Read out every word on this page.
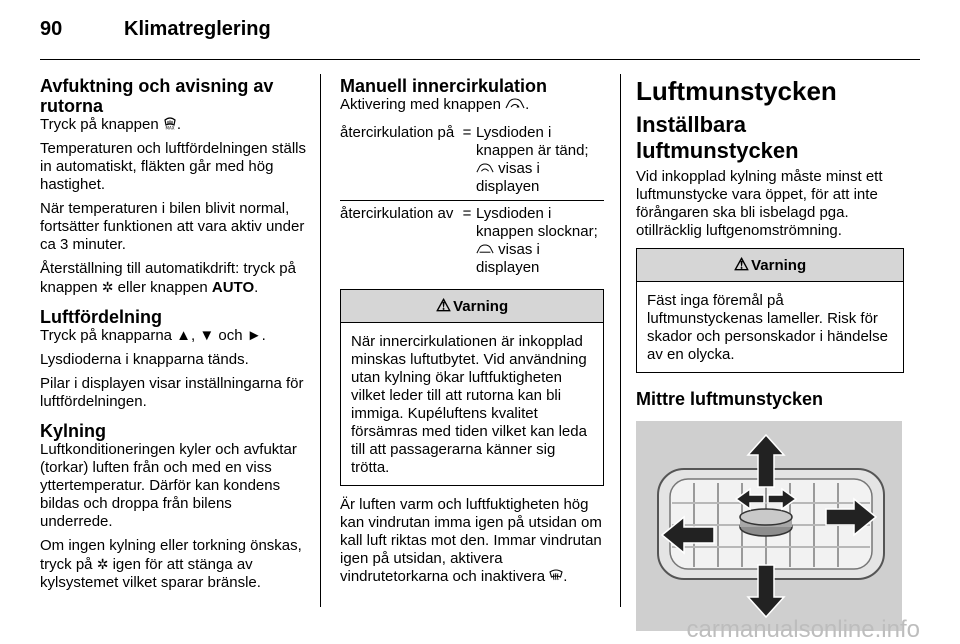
90	Klimatreglering
Avfuktning och avisning av rutorna

Tryck på knappen MAX .

Temperaturen och luftfördelningen ställs in automatiskt, fläkten går med hög hastighet.

När temperaturen i bilen blivit normal, fortsätter funktionen att vara aktiv under ca 3 minuter.

Återställning till automatikdrift: tryck på knappen ✲ eller knappen AUTO.

Luftfördelning

Tryck på knapparna ▲, ▼ och ►.

Lysdioderna i knapparna tänds.

Pilar i displayen visar inställningarna för luftfördelningen.

Kylning

Luftkonditioneringen kyler och avfuktar (torkar) luften från och med en viss yttertemperatur. Därför kan kondens bildas och droppa från bilens underrede.

Om ingen kylning eller torkning önskas, tryck på ✲ igen för att stänga av kylsystemet vilket sparar bränsle.

Manuell innercirkulation

Aktivering med knappen .

återcirkulation på	=	Lysdioden i knappen är tänd;  visas i displayen
återcirkulation av	=	Lysdioden i knappen slocknar;  visas i displayen
⚠ Varning
När innercirkulationen är inkopplad minskas luftutbytet. Vid användning utan kylning ökar luftfuktigheten vilket leder till att rutorna kan bli immiga. Kupéluftens kvalitet försämras med tiden vilket kan leda till att passagerarna känner sig trötta.

Är luften varm och luftfuktigheten hög kan vindrutan imma igen på utsidan om kall luft riktas mot den. Immar vindrutan igen på utsidan, aktivera vindrutetorkarna och inaktivera .

Luftmunstycken
Inställbara luftmunstycken

Vid inkopplad kylning måste minst ett luftmunstycke vara öppet, för att inte förångaren ska bli isbelagd pga. otillräcklig luftgenomströmning.

⚠ Varning
Fäst inga föremål på luftmunstyckenas lameller. Risk för skador och personskador i händelse av en olycka.
Mittre luftmunstycken
carmanualsonline.info
